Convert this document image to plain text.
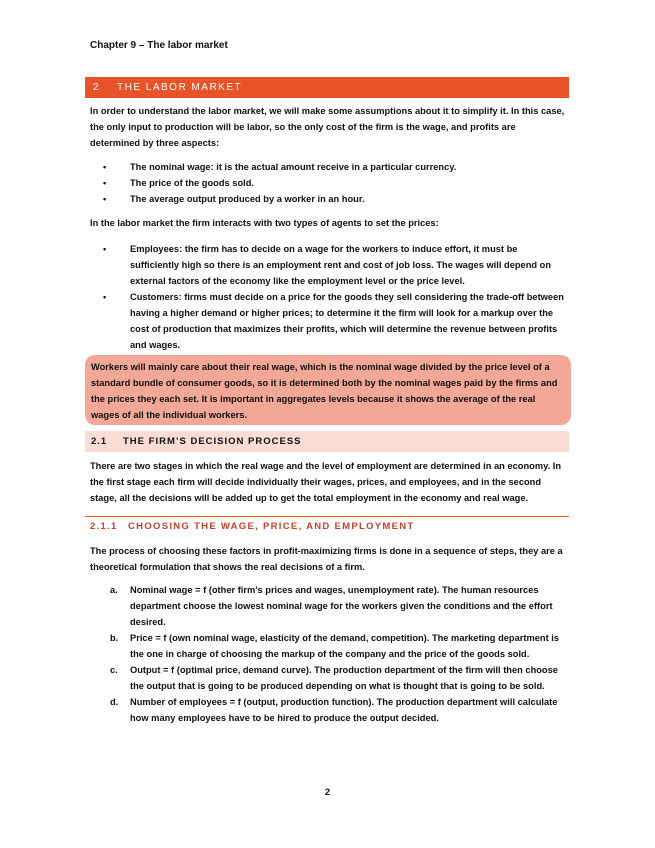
Chapter 9 – The labor market
2	THE LABOR MARKET

In order to understand the labor market, we will make some assumptions about it to simplify it. In this case, the only input to production will be labor, so the only cost of the firm is the wage, and profits are determined by three aspects:

• The nominal wage: it is the actual amount receive in a particular currency.
• The price of the goods sold.
• The average output produced by a worker in an hour.

In the labor market the firm interacts with two types of agents to set the prices:

• Employees: the firm has to decide on a wage for the workers to induce effort, it must be sufficiently high so there is an employment rent and cost of job loss. The wages will depend on external factors of the economy like the employment level or the price level.
• Customers: firms must decide on a price for the goods they sell considering the trade-off between having a higher demand or higher prices; to determine it the firm will look for a markup over the cost of production that maximizes their profits, which will determine the revenue between profits and wages.
Workers will mainly care about their real wage, which is the nominal wage divided by the price level of a standard bundle of consumer goods, so it is determined both by the nominal wages paid by the firms and the prices they each set. It is important in aggregates levels because it shows the average of the real wages of all the individual workers.
2.1	THE FIRM’S DECISION PROCESS

There are two stages in which the real wage and the level of employment are determined in an economy. In the first stage each firm will decide individually their wages, prices, and employees, and in the second stage, all the decisions will be added up to get the total employment in the economy and real wage.

2.1.1 CHOOSING THE WAGE, PRICE, AND EMPLOYMENT

The process of choosing these factors in profit-maximizing firms is done in a sequence of steps, they are a theoretical formulation that shows the real decisions of a firm.

a. Nominal wage = f (other firm’s prices and wages, unemployment rate). The human resources department choose the lowest nominal wage for the workers given the conditions and the effort desired.
b. Price = f (own nominal wage, elasticity of the demand, competition). The marketing department is the one in charge of choosing the markup of the company and the price of the goods sold.
c. Output = f (optimal price, demand curve). The production department of the firm will then choose the output that is going to be produced depending on what is thought that is going to be sold.
d. Number of employees = f (output, production function). The production department will calculate how many employees have to be hired to produce the output decided.
2
